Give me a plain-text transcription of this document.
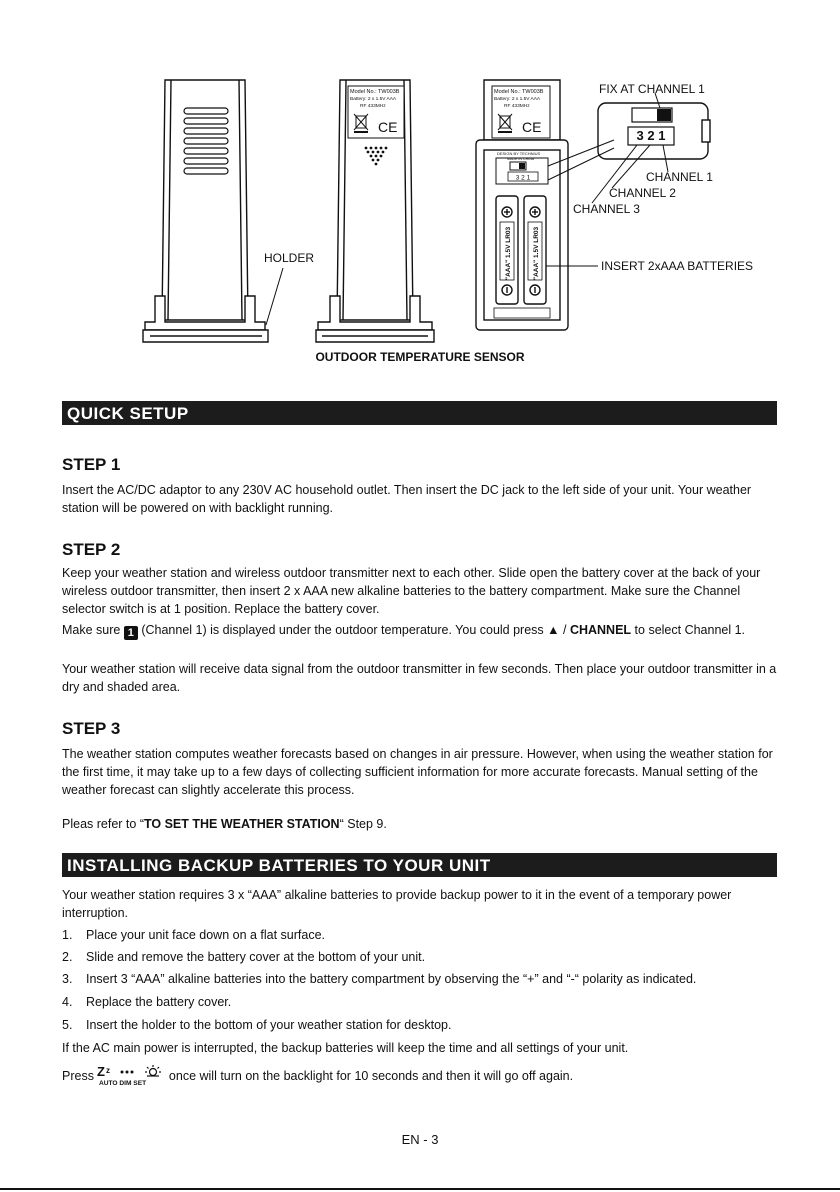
3 2 1
3 2 1
Model No.: TW003B
Battery: 2 x 1.5V AAA
RF 433MHz
Model No.: TW003B
Battery: 2 x 1.5V AAA
RF 433MHz
DESIGN BY TECHNIUS
MADE IN CHINA
"AAA" 1.5V LR03	"AAA" 1.5V LR03
CE	CE
HOLDER
FIX AT CHANNEL 1
CHANNEL 1
CHANNEL 2
CHANNEL 3
INSERT 2xAAA BATTERIES
OUTDOOR TEMPERATURE SENSOR
QUICK SETUP
STEP 1
Insert the AC/DC adaptor to any 230V AC household outlet. Then insert the DC jack to the left side of your unit. Your weather station will be powered on with backlight running.
STEP 2
Keep your weather station and wireless outdoor transmitter next to each other. Slide open the battery cover at the back of your wireless outdoor transmitter, then insert 2 x AAA new alkaline batteries to the battery compartment. Make sure the Channel selector switch is at 1 position. Replace the battery cover.
Make sure 1 (Channel 1) is displayed under the outdoor temperature. You could press ▲ / CHANNEL to select Channel 1.
Your weather station will receive data signal from the outdoor transmitter in few seconds. Then place your outdoor transmitter in a dry and shaded area.
STEP 3
The weather station computes weather forecasts based on changes in air pressure. However, when using the weather station for the first time, it may take up to a few days of collecting sufficient information for more accurate forecasts. Manual setting of the weather forecast can slightly accelerate this process.
Pleas refer to “TO SET THE WEATHER STATION“ Step 9.
INSTALLING BACKUP BATTERIES TO YOUR UNIT
Your weather station requires 3 x “AAA” alkaline batteries to provide backup power to it in the event of a temporary power interruption.
1. Place your unit face down on a flat surface.
2. Slide and remove the battery cover at the bottom of your unit.
3. Insert 3 “AAA” alkaline batteries into the battery compartment by observing the “+” and “-“ polarity as indicated.
4. Replace the battery cover.
5. Insert the holder to the bottom of your weather station for desktop.
If the AC main power is interrupted, the backup batteries will keep the time and all settings of your unit.
Press Z z
AUTO DIM SET
once will turn on the backlight for 10 seconds and then it will go off again.
EN - 3
